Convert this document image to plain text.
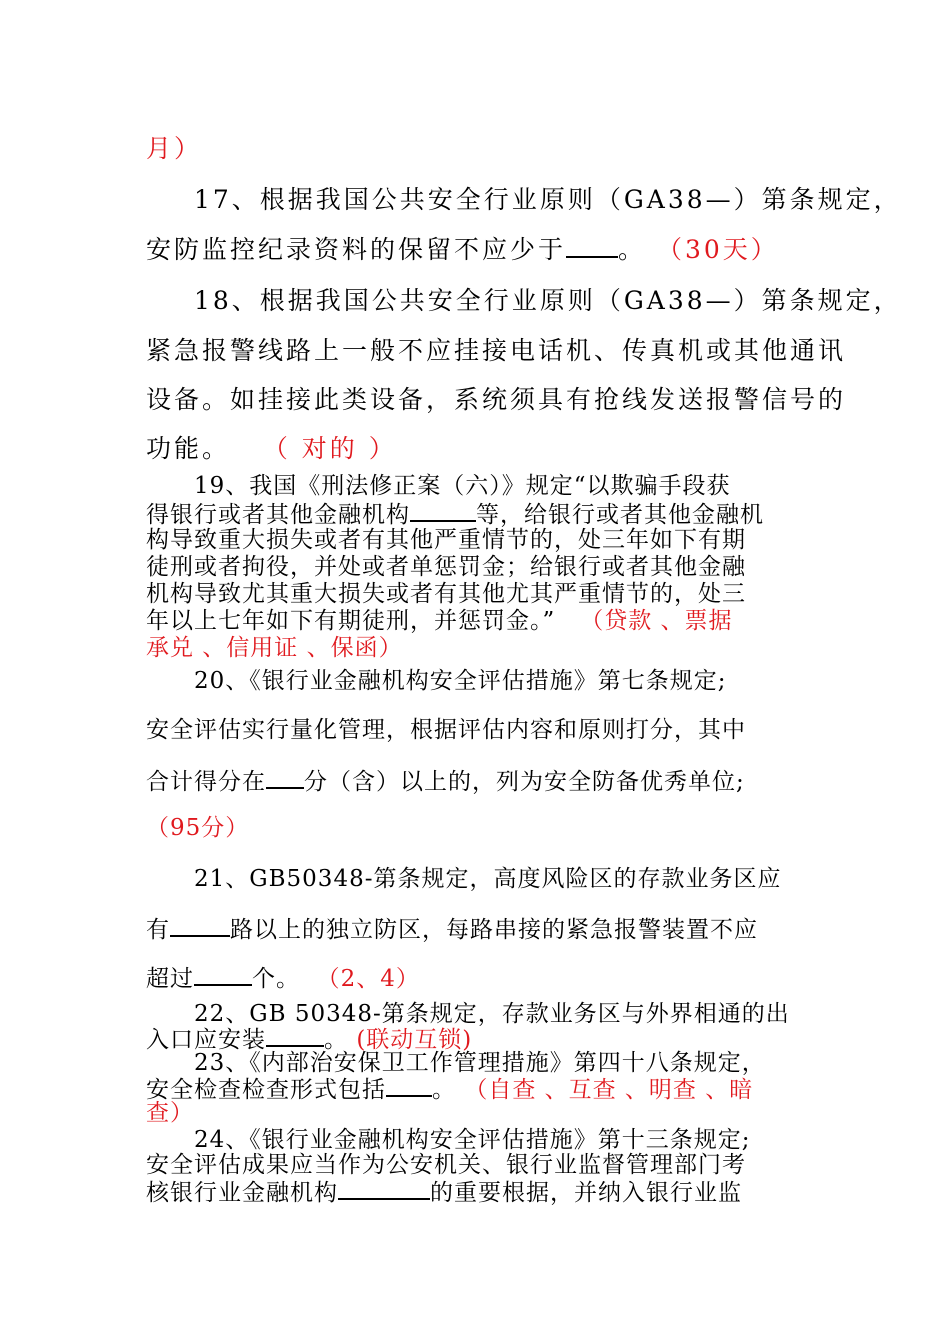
月）

17、根据我国公共安全行业原则（GA38—）第条规定，

安防监控纪录资料的保留不应少于 。 （30天）

18、根据我国公共安全行业原则（GA38—）第条规定，

紧急报警线路上一般不应挂接电话机、传真机或其他通讯

设备。如挂接此类设备，系统须具有抢线发送报警信号的

功能。 （ 对的 ）

19、我国《刑法修正案（六）》规定“以欺骗手段获

得银行或者其他金融机构	等，给银行或者其他金融机

构导致重大损失或者有其他严重情节的，处三年如下有期

徒刑或者拘役，并处或者单惩罚金；给银行或者其他金融

机构导致尤其重大损失或者有其他尤其严重情节的，处三

年以上七年如下有期徒刑，并惩罚金。” （贷款 、票据

承兑 、信用证 、保函）

20、《银行业金融机构安全评估措施》第七条规定;

安全评估实行量化管理，根据评估内容和原则打分，其中

合计得分在 分（含）以上的，列为安全防备优秀单位;

（95分）

21、GB50348-第条规定，高度风险区的存款业务区应

有	路以上的独立防区，每路串接的紧急报警装置不应

超过	个。 （2、4）

22、GB 50348-第条规定，存款业务区与外界相通的出

入口应安装	。 (联动互锁)

23、《内部治安保卫工作管理措施》第四十八条规定，

安全检查检查形式包括 。 （自查 、互查 、明查 、暗

查）

24、《银行业金融机构安全评估措施》第十三条规定;

安全评估成果应当作为公安机关、银行业监督管理部门考

核银行业金融机构	的重要根据，并纳入银行业监
